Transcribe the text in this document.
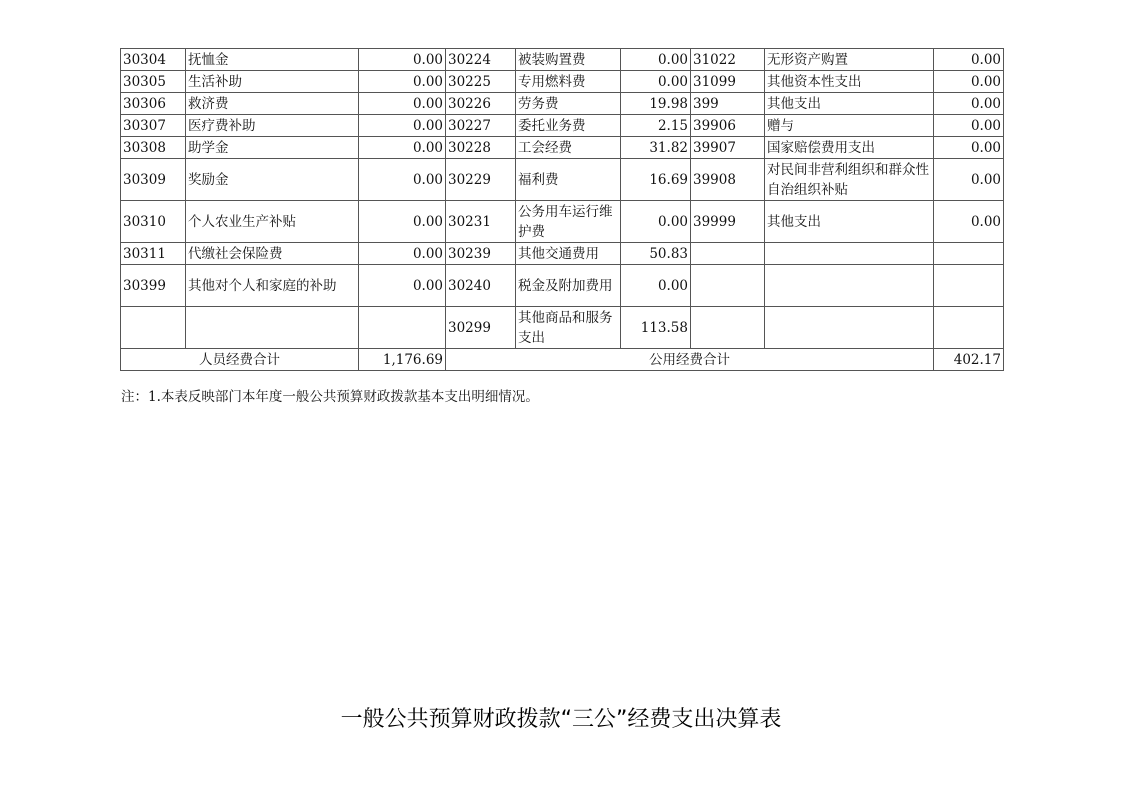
30304	抚恤金	0.00	30224	被装购置费	0.00	31022	无形资产购置	0.00
30305	生活补助	0.00	30225	专用燃料费	0.00	31099	其他资本性支出	0.00
30306	救济费	0.00	30226	劳务费	19.98	399	其他支出	0.00
30307	医疗费补助	0.00	30227	委托业务费	2.15	39906	赠与	0.00
30308	助学金	0.00	30228	工会经费	31.82	39907	国家赔偿费用支出	0.00
30309	奖励金	0.00	30229	福利费	16.69	39908	对民间非营利组织和群众性自治组织补贴	0.00
30310	个人农业生产补贴	0.00	30231	公务用车运行维护费	0.00	39999	其他支出	0.00
30311	代缴社会保险费	0.00	30239	其他交通费用	50.83			
30399	其他对个人和家庭的补助	0.00	30240	税金及附加费用	0.00			
			30299	其他商品和服务支出	113.58			
人员经费合计		1,176.69	公用经费合计					402.17
注：1.本表反映部门本年度一般公共预算财政拨款基本支出明细情况。
一般公共预算财政拨款“三公”经费支出决算表
